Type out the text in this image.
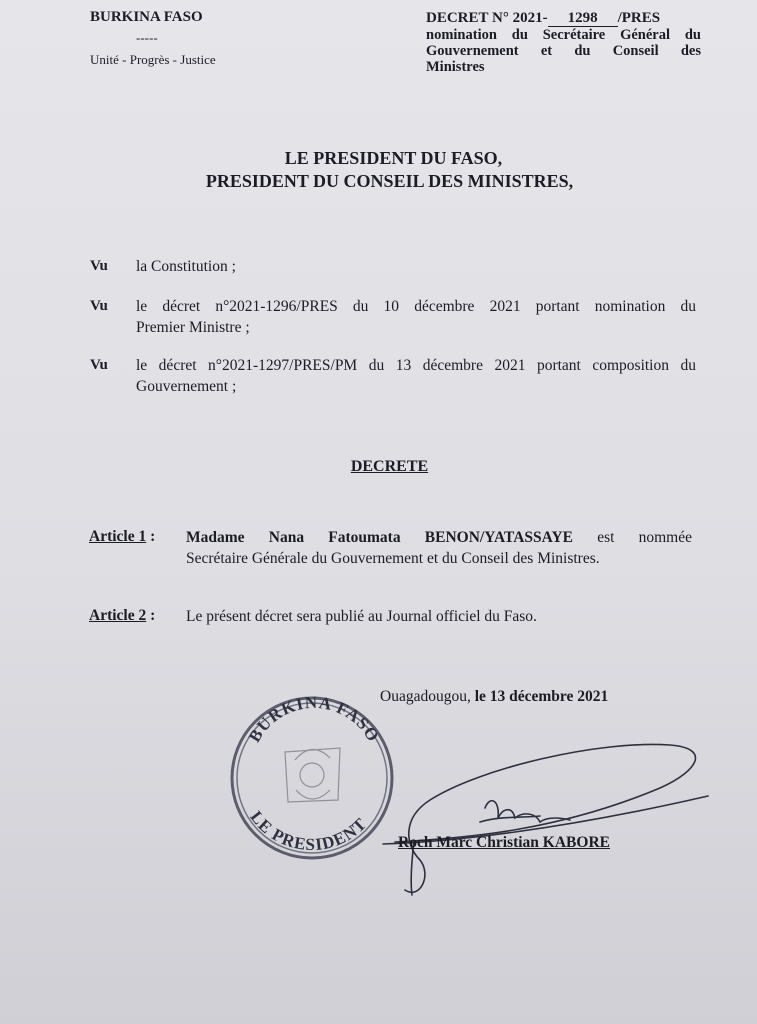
BURKINA FASO
-----
Unité - Progrès - Justice
DECRET N° 2021- 1298 /PRES
nomination du Secrétaire Général du
Gouvernement et du Conseil des
Ministres
LE PRESIDENT DU FASO,
PRESIDENT DU CONSEIL DES MINISTRES,
Vu la Constitution ;
Vu le décret n°2021-1296/PRES du 10 décembre 2021 portant nomination du
Premier Ministre ;
Vu le décret n°2021-1297/PRES/PM du 13 décembre 2021 portant composition du
Gouvernement ;
DECRETE
Article 1 : Madame Nana Fatoumata BENON/YATASSAYE est nommée
Secrétaire Générale du Gouvernement et du Conseil des Ministres.
Article 2 : Le présent décret sera publié au Journal officiel du Faso.
Ouagadougou, le 13 décembre 2021
BURKINA FASO
LE PRESIDENT
Roch Marc Christian KABORE
